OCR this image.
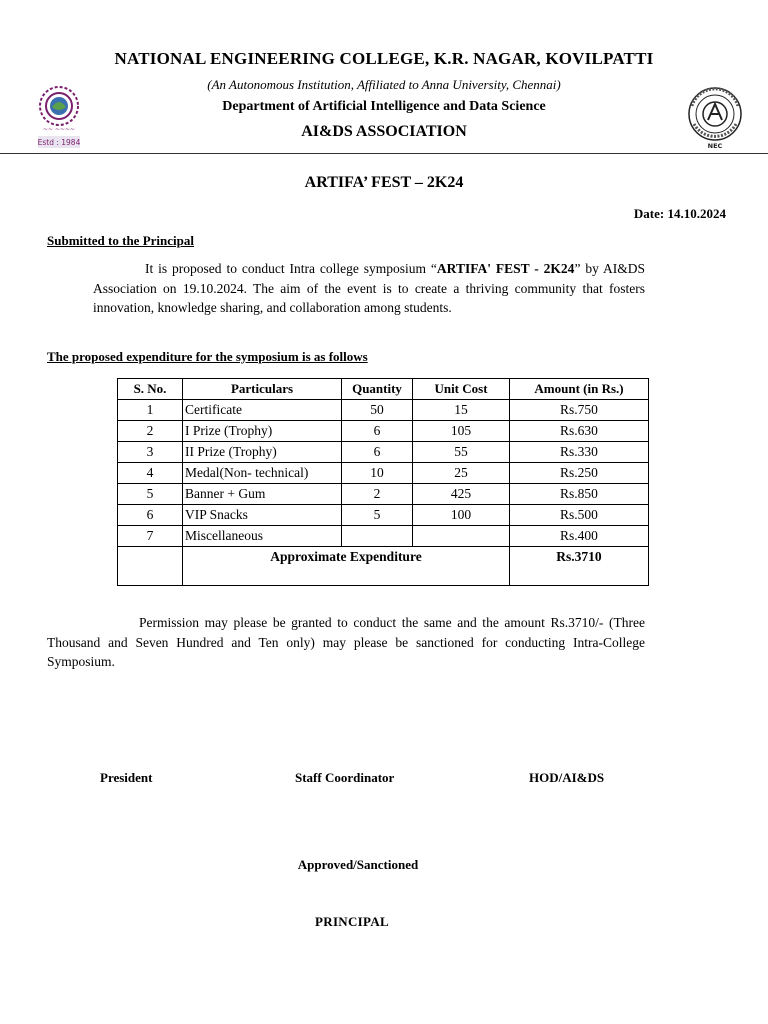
~~ ~~~~
Estd : 1984	NEC
NATIONAL ENGINEERING COLLEGE, K.R. NAGAR, KOVILPATTI
(An Autonomous Institution, Affiliated to Anna University, Chennai)
Department of Artificial Intelligence and Data Science
AI&DS ASSOCIATION
ARTIFA’ FEST – 2K24
Date: 14.10.2024
Submitted to the Principal
It is proposed to conduct Intra college symposium “ARTIFA' FEST - 2K24” by AI&DS Association on 19.10.2024. The aim of the event is to create a thriving community that fosters innovation, knowledge sharing, and collaboration among students.
The proposed expenditure for the symposium is as follows
S. No.	Particulars	Quantity	Unit Cost	Amount (in Rs.)
1	Certificate	50	15	Rs.750
2	I Prize (Trophy)	6	105	Rs.630
3	II Prize (Trophy)	6	55	Rs.330
4	Medal(Non- technical)	10	25	Rs.250
5	Banner + Gum	2	425	Rs.850
6	VIP Snacks	5	100	Rs.500
7	Miscellaneous			Rs.400
	Approximate Expenditure			Rs.3710
Permission may please be granted to conduct the same and the amount Rs.3710/- (Three Thousand and Seven Hundred and Ten only) may please be sanctioned for conducting Intra-College Symposium.
President	Staff Coordinator	HOD/AI&DS
Approved/Sanctioned
PRINCIPAL
